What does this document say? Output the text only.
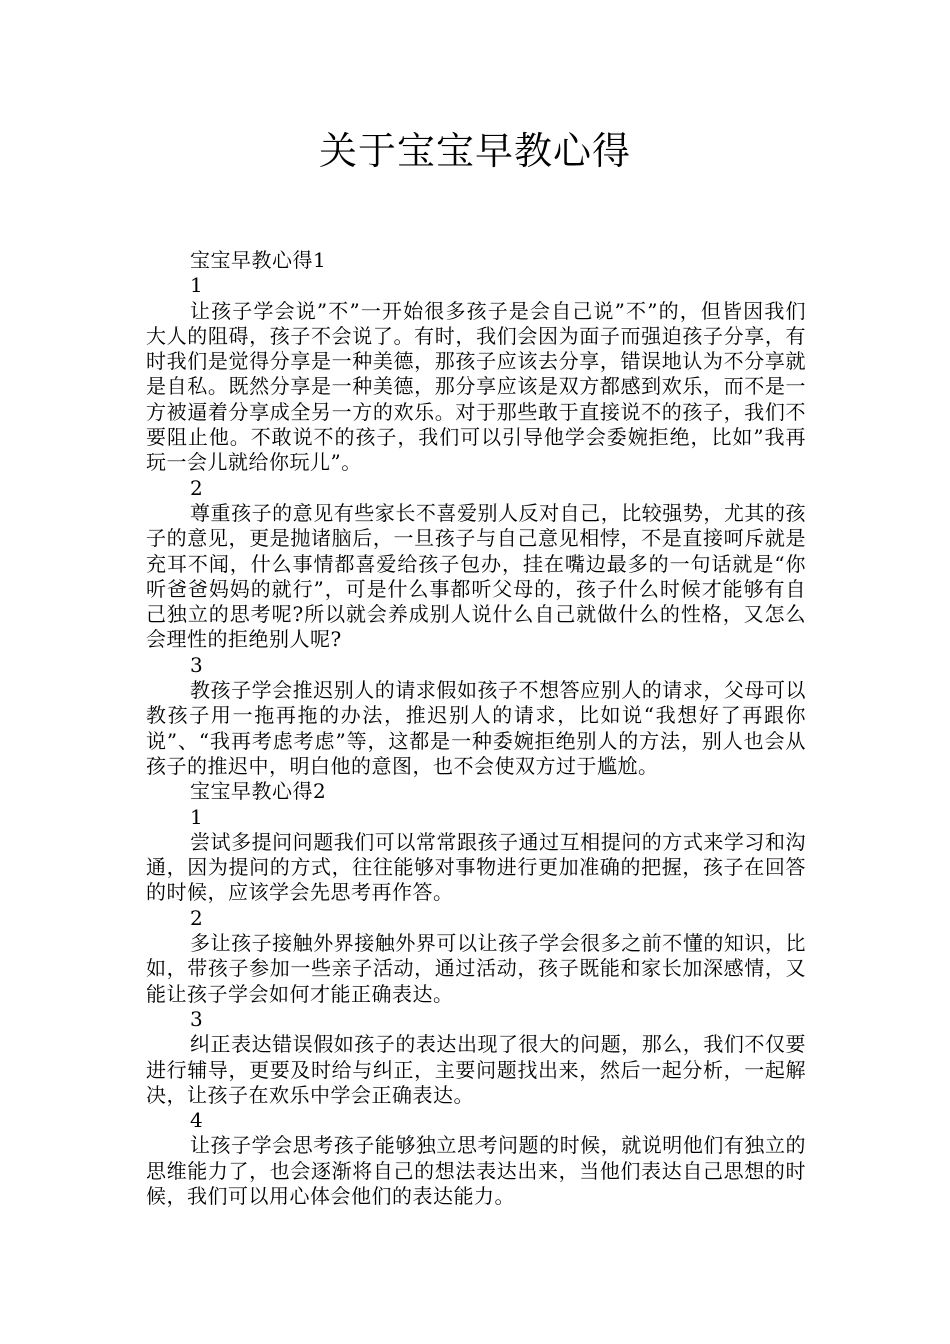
关于宝宝早教心得
宝宝早教心得1
1
让孩子学会说”不”一开始很多孩子是会自己说”不”的，但皆因我们大人的阻碍，孩子不会说了。有时，我们会因为面子而强迫孩子分享，有时我们是觉得分享是一种美德，那孩子应该去分享，错误地认为不分享就是自私。既然分享是一种美德，那分享应该是双方都感到欢乐，而不是一方被逼着分享成全另一方的欢乐。对于那些敢于直接说不的孩子，我们不要阻止他。不敢说不的孩子，我们可以引导他学会委婉拒绝，比如”我再玩一会儿就给你玩儿”。
2
尊重孩子的意见有些家长不喜爱别人反对自己，比较强势，尤其的孩子的意见，更是抛诸脑后，一旦孩子与自己意见相悖，不是直接呵斥就是充耳不闻，什么事情都喜爱给孩子包办，挂在嘴边最多的一句话就是“你听爸爸妈妈的就行”，可是什么事都听父母的，孩子什么时候才能够有自己独立的思考呢?所以就会养成别人说什么自己就做什么的性格，又怎么会理性的拒绝别人呢?
3
教孩子学会推迟别人的请求假如孩子不想答应别人的请求，父母可以教孩子用一拖再拖的办法，推迟别人的请求，比如说“我想好了再跟你说”、“我再考虑考虑”等，这都是一种委婉拒绝别人的方法，别人也会从孩子的推迟中，明白他的意图，也不会使双方过于尴尬。
宝宝早教心得2
1
尝试多提问问题我们可以常常跟孩子通过互相提问的方式来学习和沟通，因为提问的方式，往往能够对事物进行更加准确的把握，孩子在回答的时候，应该学会先思考再作答。
2
多让孩子接触外界接触外界可以让孩子学会很多之前不懂的知识，比如，带孩子参加一些亲子活动，通过活动，孩子既能和家长加深感情，又能让孩子学会如何才能正确表达。
3
纠正表达错误假如孩子的表达出现了很大的问题，那么，我们不仅要进行辅导，更要及时给与纠正，主要问题找出来，然后一起分析，一起解决，让孩子在欢乐中学会正确表达。
4
让孩子学会思考孩子能够独立思考问题的时候，就说明他们有独立的思维能力了，也会逐渐将自己的想法表达出来，当他们表达自己思想的时候，我们可以用心体会他们的表达能力。
